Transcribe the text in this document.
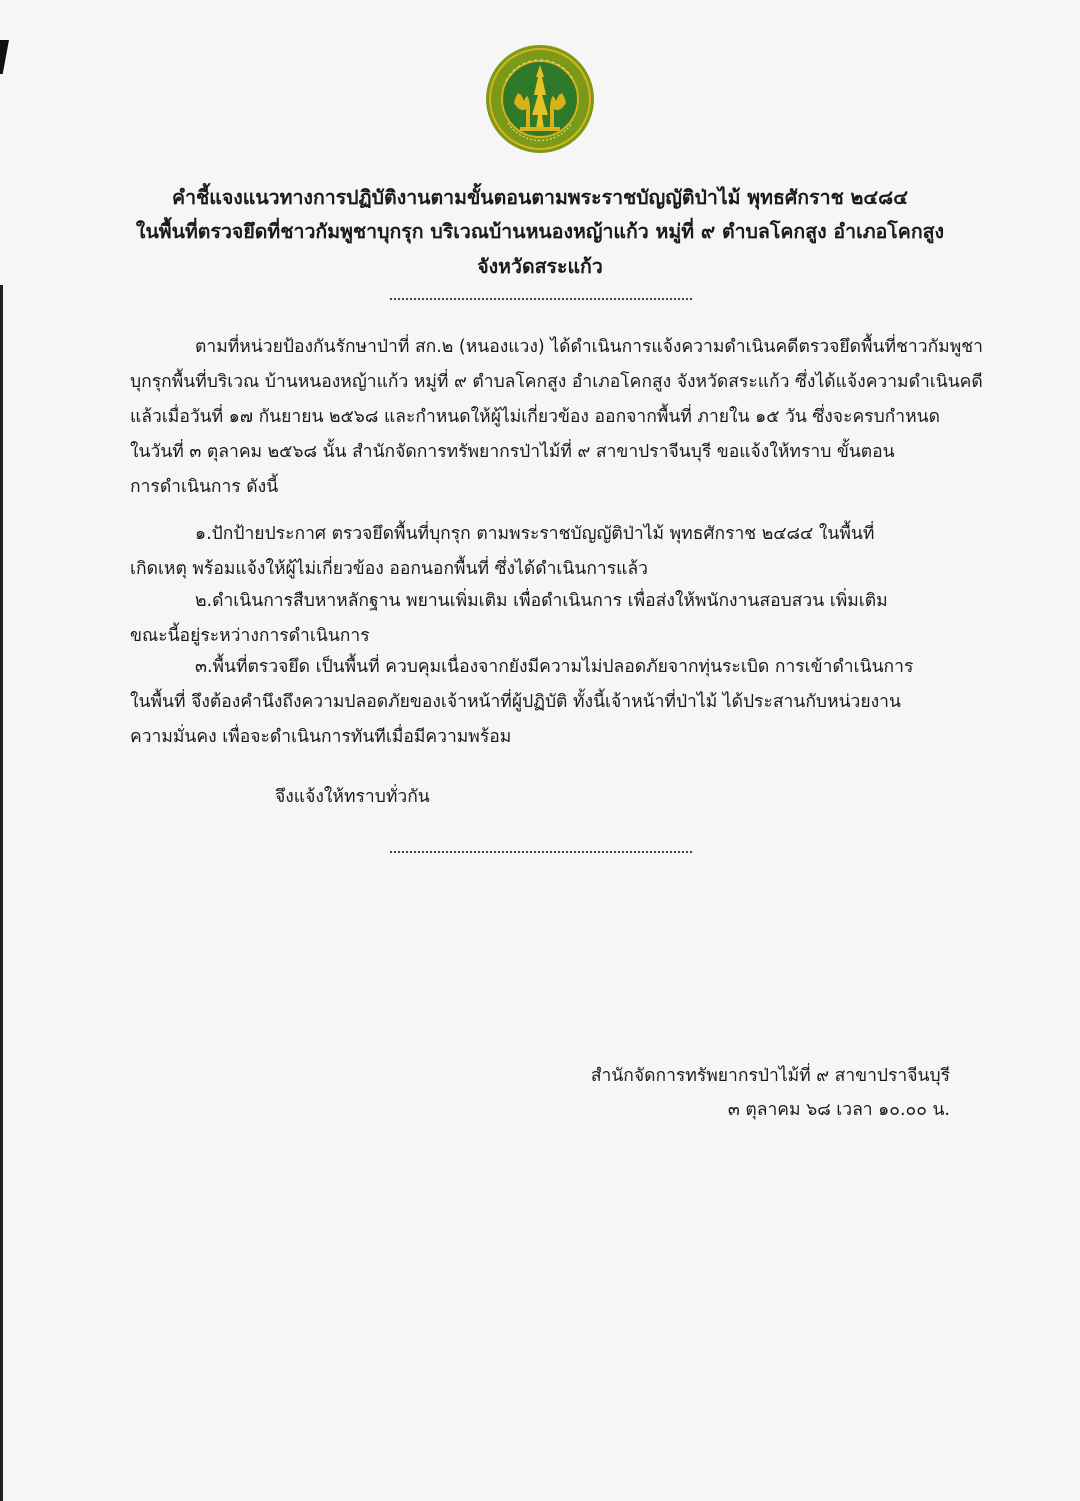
คำชี้แจงแนวทางการปฏิบัติงานตามขั้นตอนตามพระราชบัญญัติป่าไม้ พุทธศักราช ๒๔๘๔

ในพื้นที่ตรวจยึดที่ชาวกัมพูชาบุกรุก บริเวณบ้านหนองหญ้าแก้ว หมู่ที่ ๙ ตำบลโคกสูง อำเภอโคกสูง

จังหวัดสระแก้ว

ตามที่หน่วยป้องกันรักษาป่าที่ สก.๒ (หนองแวง) ได้ดำเนินการแจ้งความดำเนินคดีตรวจยึดพื้นที่ชาวกัมพูชา
บุกรุกพื้นที่บริเวณ บ้านหนองหญ้าแก้ว หมู่ที่ ๙ ตำบลโคกสูง อำเภอโคกสูง จังหวัดสระแก้ว ซึ่งได้แจ้งความดำเนินคดี
แล้วเมื่อวันที่ ๑๗ กันยายน ๒๕๖๘ และกำหนดให้ผู้ไม่เกี่ยวข้อง ออกจากพื้นที่ ภายใน ๑๕ วัน ซึ่งจะครบกำหนด
ในวันที่ ๓ ตุลาคม ๒๕๖๘ นั้น สำนักจัดการทรัพยากรป่าไม้ที่ ๙ สาขาปราจีนบุรี ขอแจ้งให้ทราบ ขั้นตอน
การดำเนินการ ดังนี้
๑.ปักป้ายประกาศ ตรวจยึดพื้นที่บุกรุก ตามพระราชบัญญัติป่าไม้ พุทธศักราช ๒๔๘๔ ในพื้นที่
เกิดเหตุ พร้อมแจ้งให้ผู้ไม่เกี่ยวข้อง ออกนอกพื้นที่ ซึ่งได้ดำเนินการแล้ว
๒.ดำเนินการสืบหาหลักฐาน พยานเพิ่มเติม เพื่อดำเนินการ เพื่อส่งให้พนักงานสอบสวน เพิ่มเติม
ขณะนี้อยู่ระหว่างการดำเนินการ
๓.พื้นที่ตรวจยึด เป็นพื้นที่ ควบคุมเนื่องจากยังมีความไม่ปลอดภัยจากทุ่นระเบิด การเข้าดำเนินการ
ในพื้นที่ จึงต้องคำนึงถึงความปลอดภัยของเจ้าหน้าที่ผู้ปฏิบัติ ทั้งนี้เจ้าหน้าที่ป่าไม้ ได้ประสานกับหน่วยงาน
ความมั่นคง เพื่อจะดำเนินการทันทีเมื่อมีความพร้อม
จึงแจ้งให้ทราบทั่วกัน
สำนักจัดการทรัพยากรป่าไม้ที่ ๙ สาขาปราจีนบุรี
๓ ตุลาคม ๖๘ เวลา ๑๐.๐๐ น.
